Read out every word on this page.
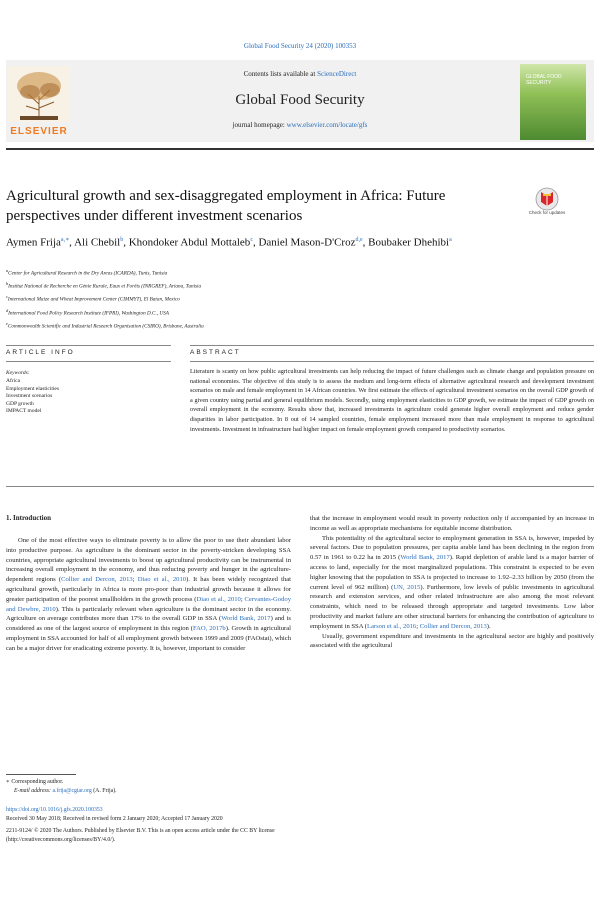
Global Food Security 24 (2020) 100353
ELSEVIER
Contents lists available at ScienceDirect
Global Food Security
journal homepage: www.elsevier.com/locate/gfs
GLOBAL FOOD SECURITY
Agricultural growth and sex-disaggregated employment in Africa: Future perspectives under different investment scenarios	Check for updates
Aymen Frija$^{a,∗}$, Ali Chebil$^b$, Khondoker Abdul Mottaleb$^c$, Daniel Mason-D'Croz$^{d,e}$, Boubaker Dhehibi$^a$
$^a$Center for Agricultural Research in the Dry Areas (ICARDA), Tunis, Tunisia
$^b$Institut National de Recherche en Génie Rurale, Eaux et Forêts (INRGREF), Ariana, Tunisia
$^c$International Maize and Wheat Improvement Center (CIMMYT), El Batan, Mexico
$^d$International Food Policy Research Institute (IFPRI), Washington D.C., USA
$^e$Commonwealth Scientific and Industrial Research Organisation (CSIRO), Brisbane, Australia
ARTICLE INFO	ABSTRACT
Keywords:
Africa
Employment elasticities
Investment scenarios
GDP growth
IMPACT model
Literature is scanty on how public agricultural investments can help reducing the impact of future challenges such as climate change and population pressure on national economies. The objective of this study is to assess the medium and long-term effects of alternative agricultural research and development investment scenarios on male and female employment in 14 African countries. We first estimate the effects of agricultural investment scenarios on the overall GDP growth of a given country using partial and general equilibrium models. Secondly, using employment elasticities to GDP growth, we estimate the impact of GDP growth on overall employment in the economy. Results show that, increased investments in agriculture could generate higher overall employment and reduce gender disparities in labor participation. In 8 out of 14 sampled countries, female employment increased more than male employment in response to agricultural investments. Investment in infrastructure had higher impact on female employment growth compared to productivity scenarios.
1. Introduction

One of the most effective ways to eliminate poverty is to allow the poor to use their abundant labor into productive purpose. As agriculture is the dominant sector in the poverty-stricken developing SSA countries, appropriate agricultural investments to boost up agricultural productivity can be instrumental in increasing overall employment in the economy, and thus reducing poverty and hunger in the agriculture-dependent regions (Collier and Dercon, 2013; Diao et al., 2010). It has been widely recognized that agricultural growth, particularly in Africa is more pro-poor than industrial growth because it allows for greater participation of the poorest smallholders in the growth process (Diao et al., 2010; Cervantes-Godoy and Dewbre, 2010). This is particularly relevant when agriculture is the dominant sector in the economy. Agriculture on average contributes more than 17% to the overall GDP in SSA (World Bank, 2017) and is considered as one of the largest source of employment in this region (FAO, 2017b). Growth in agricultural employment in SSA accounted for half of all employment growth between 1999 and 2009 (FAOstat), which can be a major driver for eradicating extreme poverty. It is, however, important to consider

that the increase in employment would result in poverty reduction only if accompanied by an increase in income as well as appropriate mechanisms for equitable income distribution.

This potentiality of the agricultural sector to employment generation in SSA is, however, impeded by several factors. Due to population pressures, per capita arable land has been declining in the region from 0.57 in 1961 to 0.22 ha in 2015 (World Bank, 2017). Rapid depletion of arable land is a major barrier of access to land, especially for the most marginalized populations. This constraint is expected to be even higher knowing that the population in SSA is projected to increase to 1.92–2.33 billion by 2050 (from the current level of 962 million) (UN, 2015). Furthermore, low levels of public investments in agricultural research and extension services, and other related infrastructure are also among the most relevant constraints, which need to be released through appropriate and targeted investments. Low labor productivity and market failure are other structural barriers for enhancing the contribution of agriculture to employment in SSA (Larson et al., 2016; Collier and Dercon, 2013).

Usually, government expenditure and investments in the agricultural sector are highly and positively associated with the agricultural

∗ Corresponding author.
E-mail address: a.frija@cgiar.org (A. Frija).
https://doi.org/10.1016/j.gfs.2020.100353
Received 30 May 2018; Received in revised form 2 January 2020; Accepted 17 January 2020
2211-9124/ © 2020 The Authors. Published by Elsevier B.V. This is an open access article under the CC BY license
(http://creativecommons.org/licenses/BY/4.0/).
